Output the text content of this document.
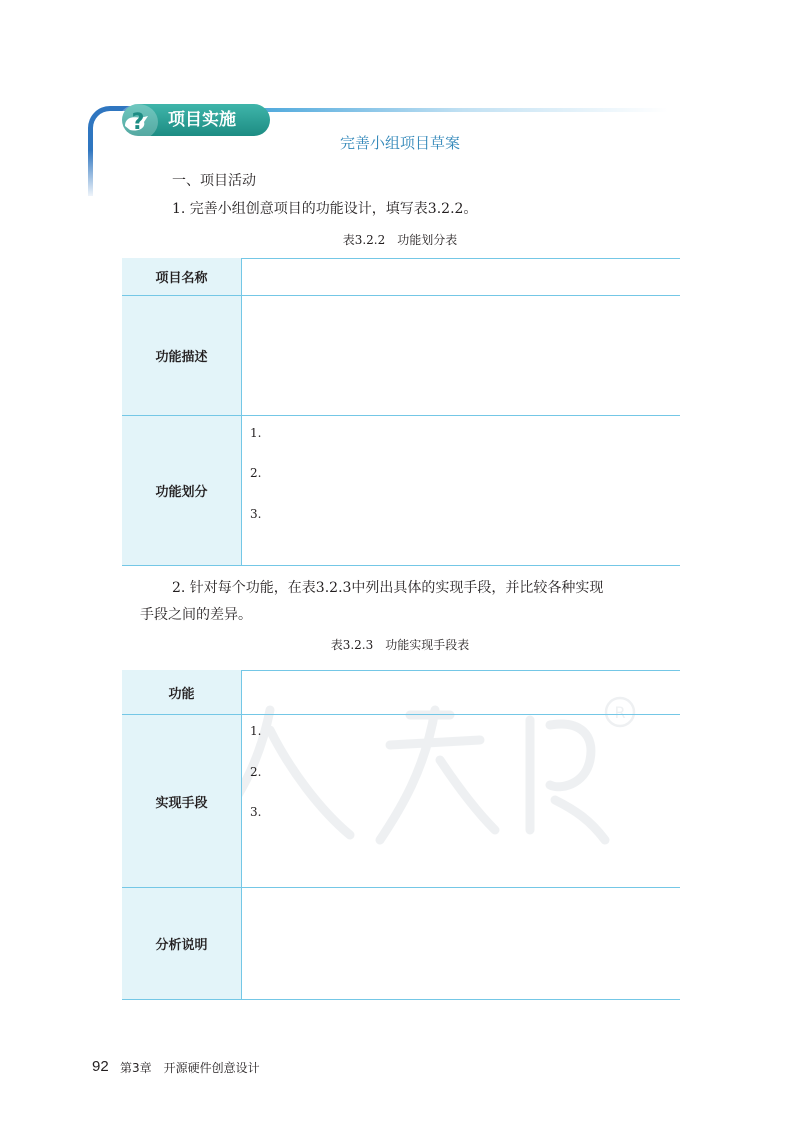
? 项目实施
完善小组项目草案
一、项目活动
1. 完善小组创意项目的功能设计，填写表3.2.2。
表3.2.2　功能划分表
项目名称
功能描述
功能划分
1.
2.
3.
2. 针对每个功能，在表3.2.3中列出具体的实现手段，并比较各种实现
手段之间的差异。
表3.2.3　功能实现手段表
R
功能
实现手段
1.
2.
3.
分析说明
92 第3章　开源硬件创意设计
